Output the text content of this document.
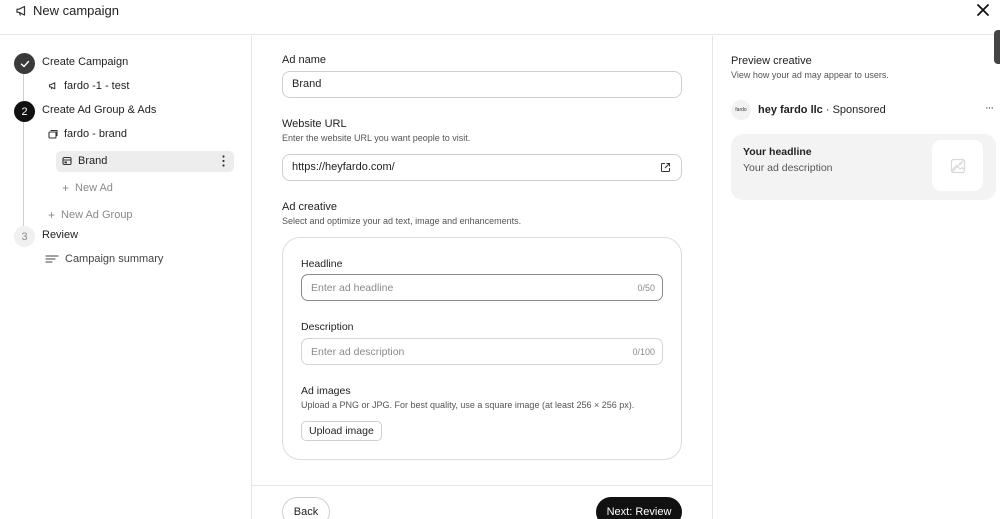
New campaign
Create Campaign
fardo -1 - test
2 Create Ad Group & Ads
fardo - brand
Brand
+ New Ad
+ New Ad Group
3 Review
Campaign summary
Ad name
Brand
Website URL
Enter the website URL you want people to visit.
https://heyfardo.com/
Ad creative
Select and optimize your ad text, image and enhancements.
Headline
Enter ad headline	0/50
Description
Enter ad description	0/100
Ad images
Upload a PNG or JPG. For best quality, use a square image (at least 256 × 256 px).
Upload image
Back	Next: Review
Preview creative
View how your ad may appear to users.
fardo hey fardo llc · Sponsored	···
Your headline
Your ad description
